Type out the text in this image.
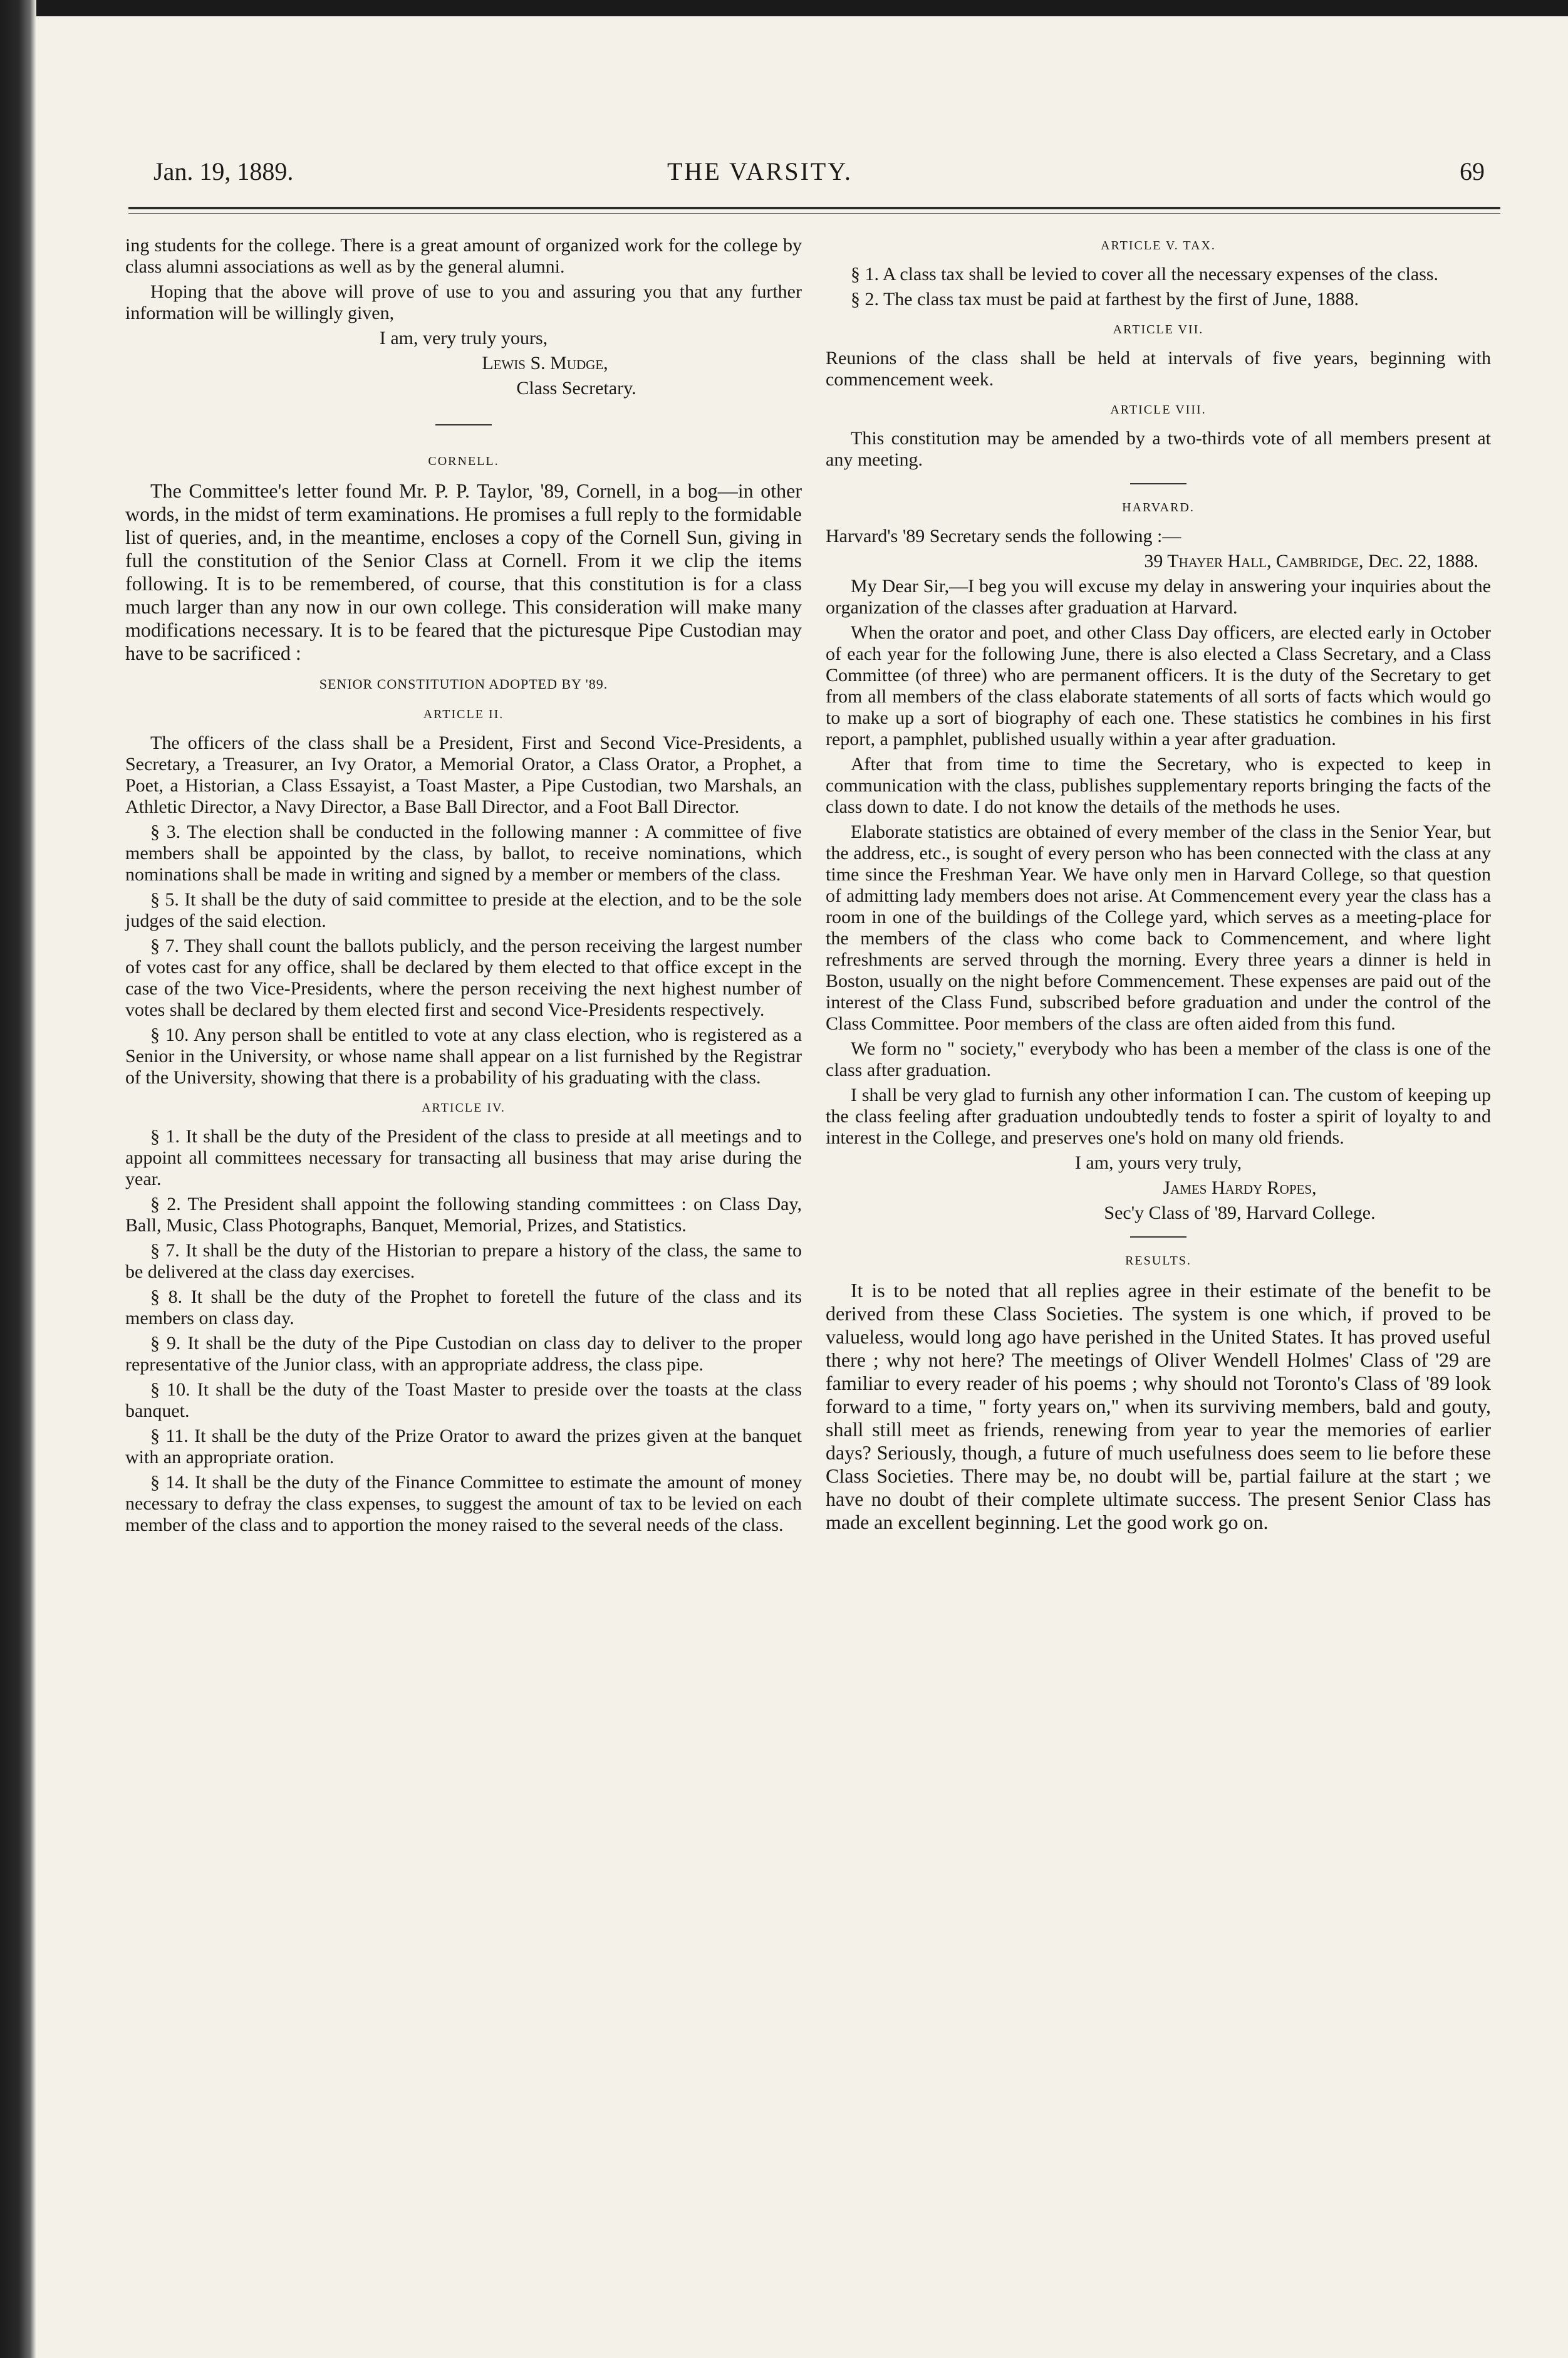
Jan. 19, 1889.	THE VARSITY.	69

ing students for the college. There is a great amount of organized work for the college by class alumni associations as well as by the general alumni.

Hoping that the above will prove of use to you and assuring you that any further information will be willingly given,

I am, very truly yours,

Lewis S. Mudge,

Class Secretary.

CORNELL.

The Committee's letter found Mr. P. P. Taylor, '89, Cornell, in a bog—in other words, in the midst of term examinations. He promises a full reply to the formidable list of queries, and, in the meantime, encloses a copy of the Cornell Sun, giving in full the constitution of the Senior Class at Cornell. From it we clip the items following. It is to be remembered, of course, that this constitution is for a class much larger than any now in our own college. This consideration will make many modifications necessary. It is to be feared that the picturesque Pipe Custodian may have to be sacrificed :

SENIOR CONSTITUTION ADOPTED BY '89.
ARTICLE II.

The officers of the class shall be a President, First and Second Vice-Presidents, a Secretary, a Treasurer, an Ivy Orator, a Memorial Orator, a Class Orator, a Prophet, a Poet, a Historian, a Class Essayist, a Toast Master, a Pipe Custodian, two Marshals, an Athletic Director, a Navy Director, a Base Ball Director, and a Foot Ball Director.

§ 3. The election shall be conducted in the following manner : A committee of five members shall be appointed by the class, by ballot, to receive nominations, which nominations shall be made in writing and signed by a member or members of the class.

§ 5. It shall be the duty of said committee to preside at the election, and to be the sole judges of the said election.

§ 7. They shall count the ballots publicly, and the person receiving the largest number of votes cast for any office, shall be declared by them elected to that office except in the case of the two Vice-Presidents, where the person receiving the next highest number of votes shall be declared by them elected first and second Vice-Presidents respectively.

§ 10. Any person shall be entitled to vote at any class election, who is registered as a Senior in the University, or whose name shall appear on a list furnished by the Registrar of the University, showing that there is a probability of his graduating with the class.

ARTICLE IV.

§ 1. It shall be the duty of the President of the class to preside at all meetings and to appoint all committees necessary for transacting all business that may arise during the year.

§ 2. The President shall appoint the following standing committees : on Class Day, Ball, Music, Class Photographs, Banquet, Memorial, Prizes, and Statistics.

§ 7. It shall be the duty of the Historian to prepare a history of the class, the same to be delivered at the class day exercises.

§ 8. It shall be the duty of the Prophet to foretell the future of the class and its members on class day.

§ 9. It shall be the duty of the Pipe Custodian on class day to deliver to the proper representative of the Junior class, with an appropriate address, the class pipe.

§ 10. It shall be the duty of the Toast Master to preside over the toasts at the class banquet.

§ 11. It shall be the duty of the Prize Orator to award the prizes given at the banquet with an appropriate oration.

§ 14. It shall be the duty of the Finance Committee to estimate the amount of money necessary to defray the class expenses, to suggest the amount of tax to be levied on each member of the class and to apportion the money raised to the several needs of the class.

ARTICLE V. TAX.

§ 1. A class tax shall be levied to cover all the necessary expenses of the class.

§ 2. The class tax must be paid at farthest by the first of June, 1888.

ARTICLE VII.

Reunions of the class shall be held at intervals of five years, beginning with commencement week.

ARTICLE VIII.

This constitution may be amended by a two-thirds vote of all members present at any meeting.

HARVARD.

Harvard's '89 Secretary sends the following :—

39 Thayer Hall, Cambridge, Dec. 22, 1888.

My Dear Sir,—I beg you will excuse my delay in answering your inquiries about the organization of the classes after graduation at Harvard.

When the orator and poet, and other Class Day officers, are elected early in October of each year for the following June, there is also elected a Class Secretary, and a Class Committee (of three) who are permanent officers. It is the duty of the Secretary to get from all members of the class elaborate statements of all sorts of facts which would go to make up a sort of biography of each one. These statistics he combines in his first report, a pamphlet, published usually within a year after graduation.

After that from time to time the Secretary, who is expected to keep in communication with the class, publishes supplementary reports bringing the facts of the class down to date. I do not know the details of the methods he uses.

Elaborate statistics are obtained of every member of the class in the Senior Year, but the address, etc., is sought of every person who has been connected with the class at any time since the Freshman Year. We have only men in Harvard College, so that question of admitting lady members does not arise. At Commencement every year the class has a room in one of the buildings of the College yard, which serves as a meeting-place for the members of the class who come back to Commencement, and where light refreshments are served through the morning. Every three years a dinner is held in Boston, usually on the night before Commencement. These expenses are paid out of the interest of the Class Fund, subscribed before graduation and under the control of the Class Committee. Poor members of the class are often aided from this fund.

We form no " society," everybody who has been a member of the class is one of the class after graduation.

I shall be very glad to furnish any other information I can. The custom of keeping up the class feeling after graduation undoubtedly tends to foster a spirit of loyalty to and interest in the College, and preserves one's hold on many old friends.

I am, yours very truly,

James Hardy Ropes,

Sec'y Class of '89, Harvard College.

RESULTS.

It is to be noted that all replies agree in their estimate of the benefit to be derived from these Class Societies. The system is one which, if proved to be valueless, would long ago have perished in the United States. It has proved useful there ; why not here? The meetings of Oliver Wendell Holmes' Class of '29 are familiar to every reader of his poems ; why should not Toronto's Class of '89 look forward to a time, " forty years on," when its surviving members, bald and gouty, shall still meet as friends, renewing from year to year the memories of earlier days? Seriously, though, a future of much usefulness does seem to lie before these Class Societies. There may be, no doubt will be, partial failure at the start ; we have no doubt of their complete ultimate success. The present Senior Class has made an excellent beginning. Let the good work go on.
